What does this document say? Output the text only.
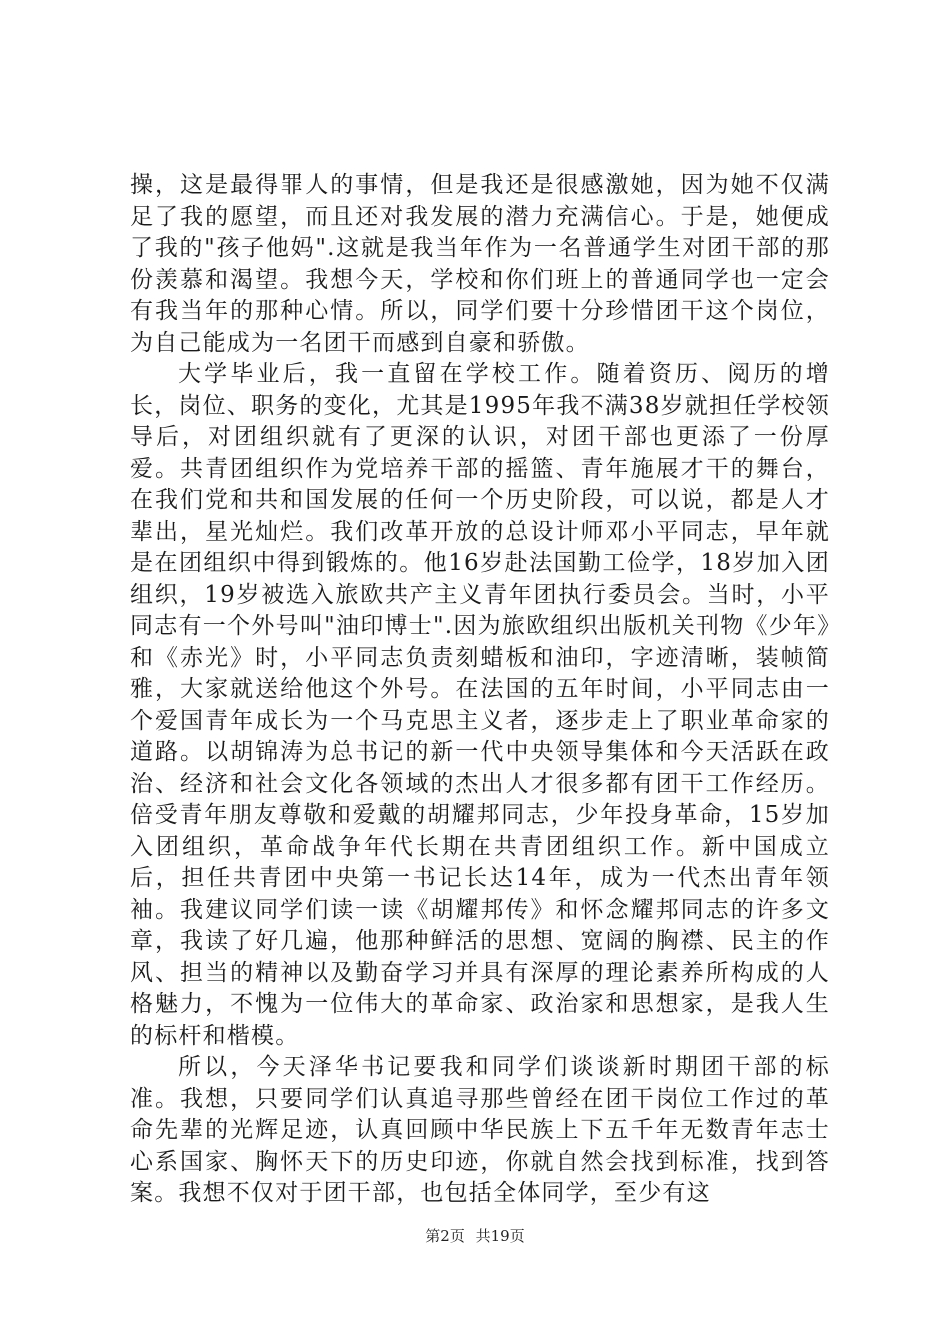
操，这是最得罪人的事情，但是我还是很感激她，因为她不仅满足了我的愿望，而且还对我发展的潜力充满信心。于是，她便成了我的"孩子他妈".这就是我当年作为一名普通学生对团干部的那份羡慕和渴望。我想今天，学校和你们班上的普通同学也一定会有我当年的那种心情。所以，同学们要十分珍惜团干这个岗位，为自己能成为一名团干而感到自豪和骄傲。

大学毕业后，我一直留在学校工作。随着资历、阅历的增长，岗位、职务的变化，尤其是1995年我不满38岁就担任学校领导后，对团组织就有了更深的认识，对团干部也更添了一份厚爱。共青团组织作为党培养干部的摇篮、青年施展才干的舞台，在我们党和共和国发展的任何一个历史阶段，可以说，都是人才辈出，星光灿烂。我们改革开放的总设计师邓小平同志，早年就是在团组织中得到锻炼的。他16岁赴法国勤工俭学，18岁加入团组织，19岁被选入旅欧共产主义青年团执行委员会。当时，小平同志有一个外号叫"油印博士".因为旅欧组织出版机关刊物《少年》和《赤光》时，小平同志负责刻蜡板和油印，字迹清晰，装帧简雅，大家就送给他这个外号。在法国的五年时间，小平同志由一个爱国青年成长为一个马克思主义者，逐步走上了职业革命家的道路。以胡锦涛为总书记的新一代中央领导集体和今天活跃在政治、经济和社会文化各领域的杰出人才很多都有团干工作经历。倍受青年朋友尊敬和爱戴的胡耀邦同志，少年投身革命，15岁加入团组织，革命战争年代长期在共青团组织工作。新中国成立后，担任共青团中央第一书记长达14年，成为一代杰出青年领袖。我建议同学们读一读《胡耀邦传》和怀念耀邦同志的许多文章，我读了好几遍，他那种鲜活的思想、宽阔的胸襟、民主的作风、担当的精神以及勤奋学习并具有深厚的理论素养所构成的人格魅力，不愧为一位伟大的革命家、政治家和思想家，是我人生的标杆和楷模。

所以，今天泽华书记要我和同学们谈谈新时期团干部的标准。我想，只要同学们认真追寻那些曾经在团干岗位工作过的革命先辈的光辉足迹，认真回顾中华民族上下五千年无数青年志士心系国家、胸怀天下的历史印迹，你就自然会找到标准，找到答案。我想不仅对于团干部，也包括全体同学，至少有这

第2页 共19页
